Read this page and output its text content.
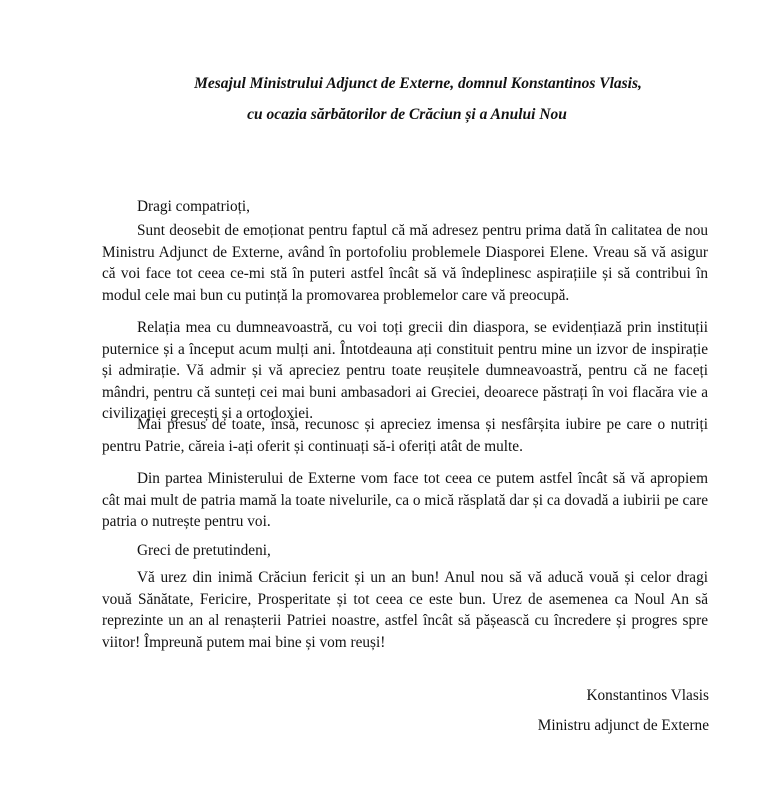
Mesajul Ministrului Adjunct de Externe, domnul Konstantinos Vlasis,
cu ocazia sărbătorilor de Crăciun și a Anului Nou
Dragi compatrioți,
Sunt deosebit de emoționat pentru faptul că mă adresez pentru prima dată în calitatea de nou Ministru Adjunct de Externe, având în portofoliu problemele Diasporei Elene. Vreau să vă asigur că voi face tot ceea ce-mi stă în puteri astfel încât să vă îndeplinesc aspirațiile și să contribui în modul cele mai bun cu putință la promovarea problemelor care vă preocupă.
Relația mea cu dumneavoastră, cu voi toți grecii din diaspora, se evidențiază prin instituții puternice și a început acum mulți ani. Întotdeauna ați constituit pentru mine un izvor de inspirație și admirație. Vă admir și vă apreciez pentru toate reușitele dumneavoastră, pentru că ne faceți mândri, pentru că sunteți cei mai buni ambasadori ai Greciei, deoarece păstrați în voi flacăra vie a civilizației grecești și a ortodoxiei.
Mai presus de toate, însă, recunosc și apreciez imensa și nesfârșita iubire pe care o nutriți pentru Patrie, căreia i-ați oferit și continuați să-i oferiți atât de multe.
Din partea Ministerului de Externe vom face tot ceea ce putem astfel încât să vă apropiem cât mai mult de patria mamă la toate nivelurile, ca o mică răsplată dar și ca dovadă a iubirii pe care patria o nutrește pentru voi.
Greci de pretutindeni,
Vă urez din inimă Crăciun fericit și un an bun! Anul nou să vă aducă vouă și celor dragi vouă Sănătate, Fericire, Prosperitate și tot ceea ce este bun. Urez de asemenea ca Noul An să reprezinte un an al renașterii Patriei noastre, astfel încât să pășească cu încredere și progres spre viitor! Împreună putem mai bine și vom reuși!
Konstantinos Vlasis
Ministru adjunct de Externe
